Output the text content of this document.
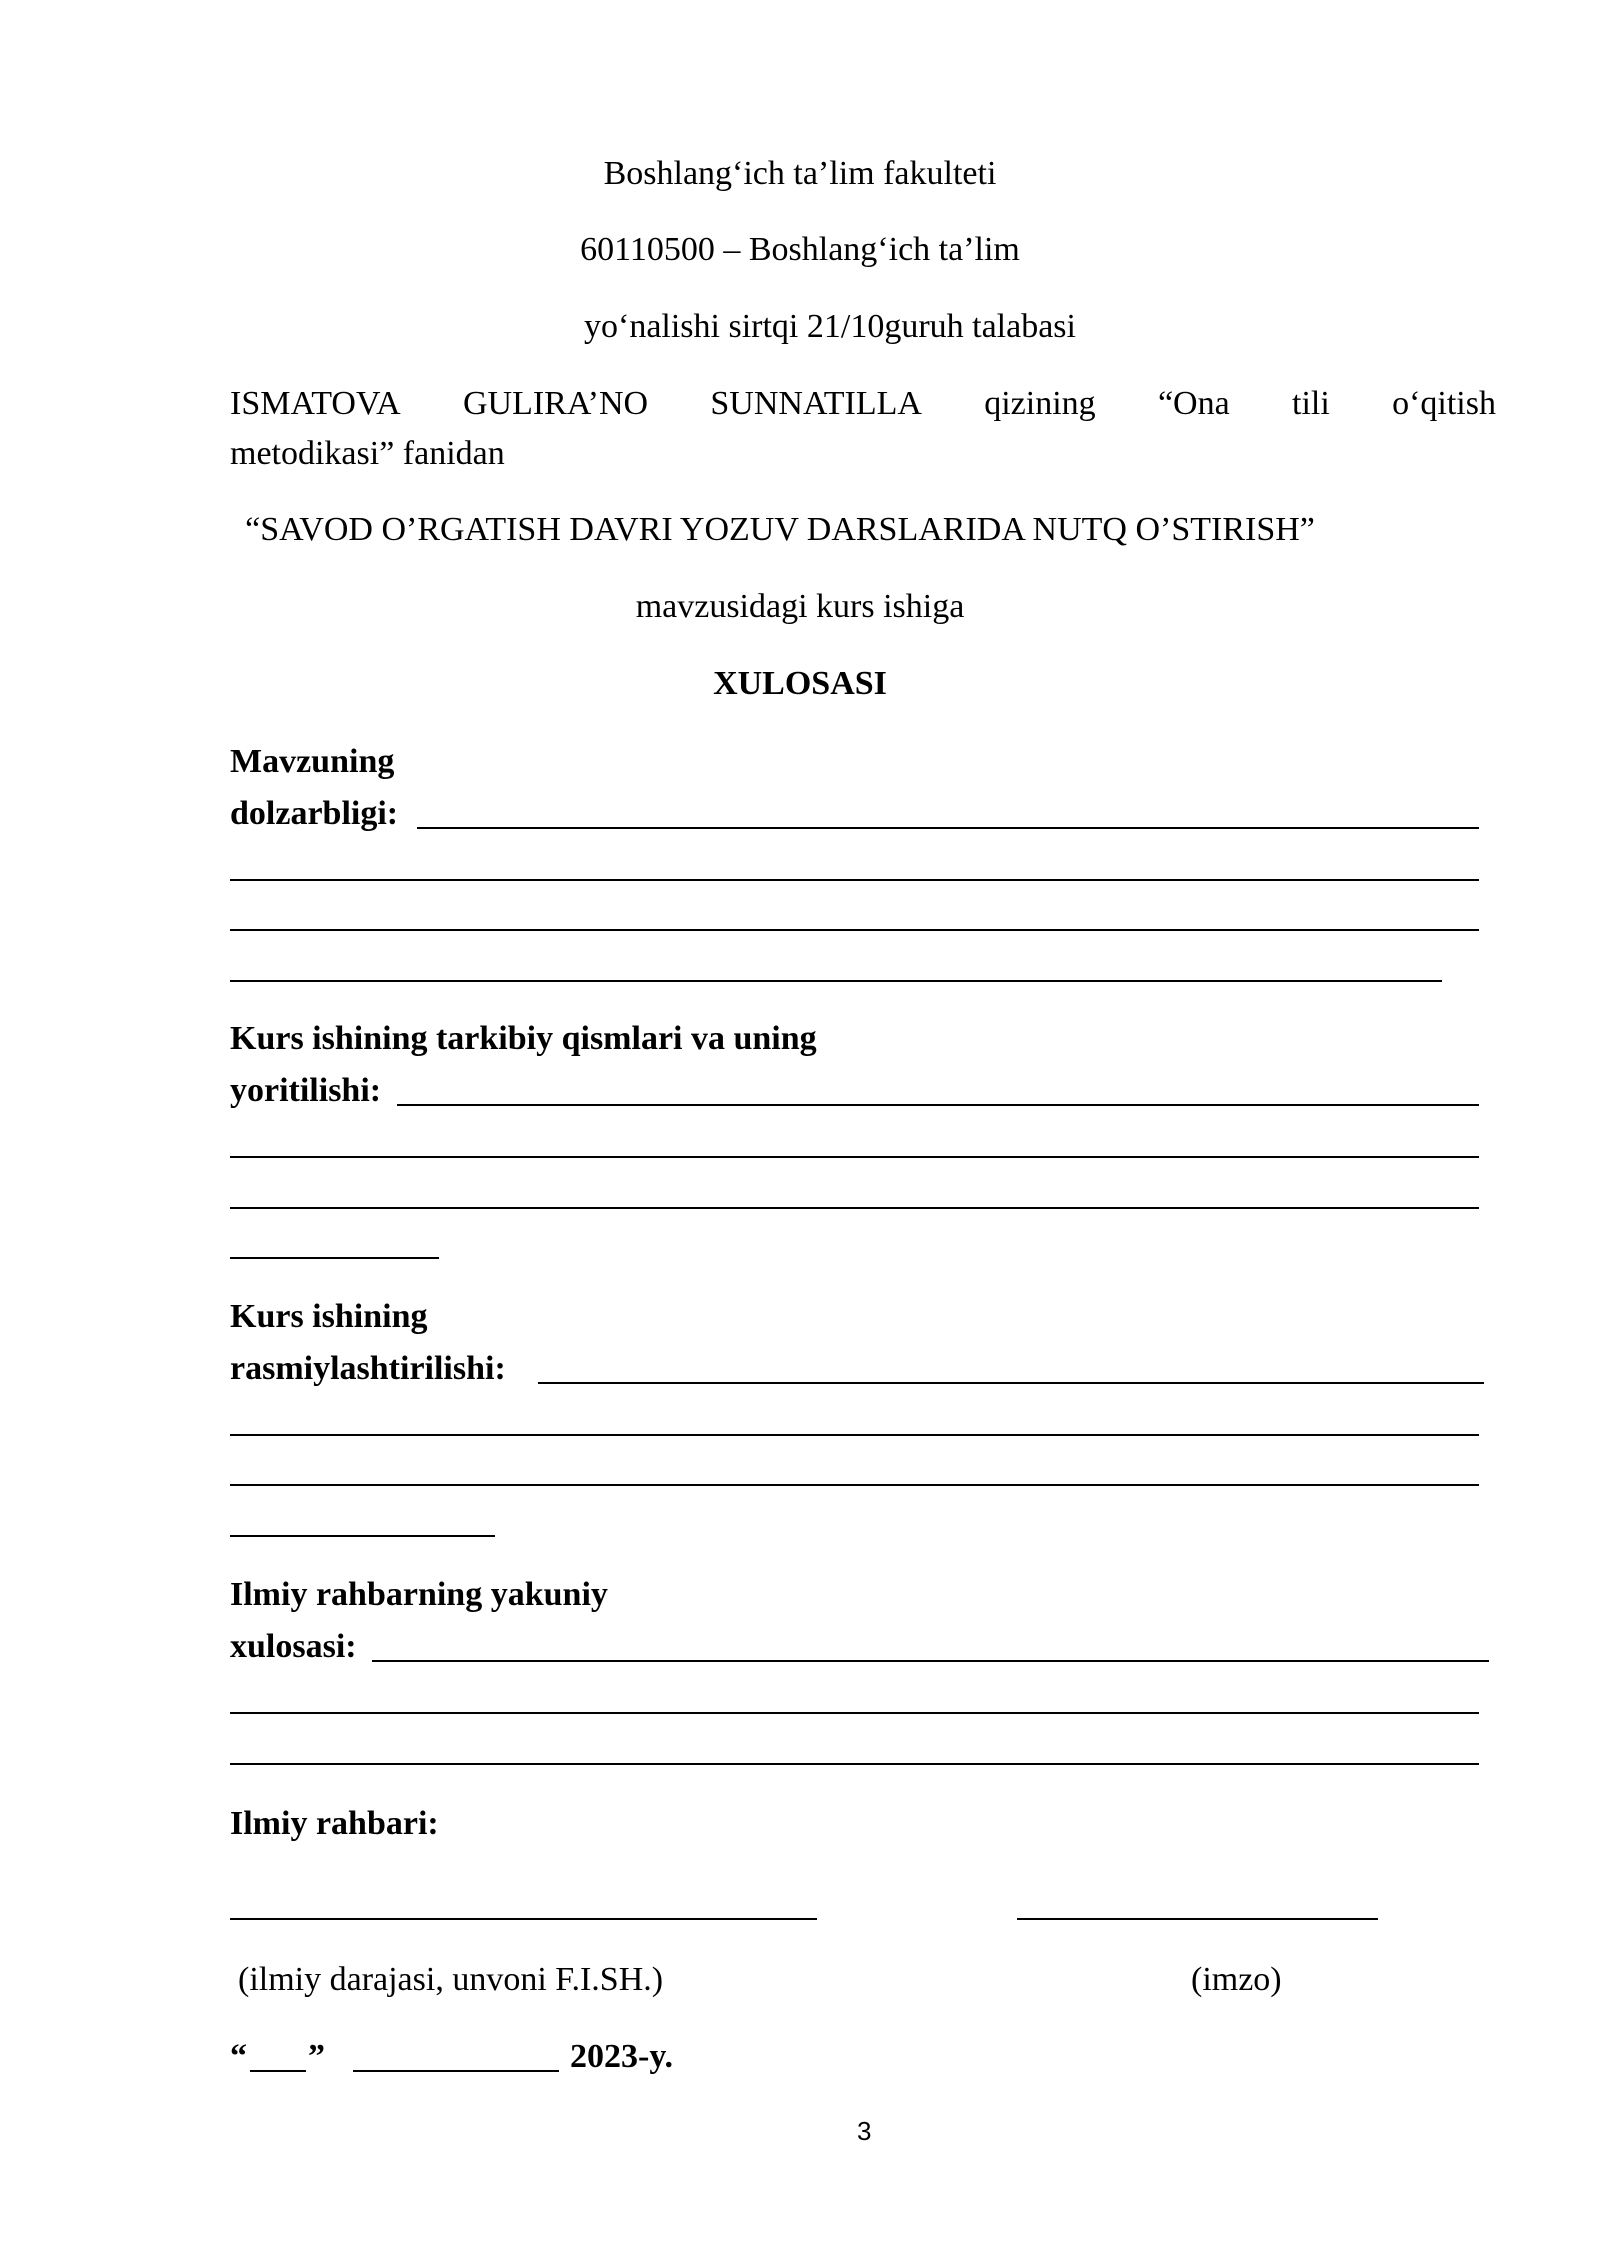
Boshlang‘ich ta’lim fakulteti
60110500 – Boshlang‘ich ta’lim
yo‘nalishi sirtqi 21/10guruh talabasi
ISMATOVA GULIRA’NO SUNNATILLA qizining “Ona tili o‘qitish
metodikasi” fanidan
“SAVOD O’RGATISH DAVRI YOZUV DARSLARIDA NUTQ O’STIRISH”
mavzusidagi kurs ishiga
XULOSASI
Mavzuning
dolzarbligi:
Kurs ishining tarkibiy qismlari va uning
yoritilishi:
Kurs ishining
rasmiylashtirilishi:
Ilmiy rahbarning yakuniy
xulosasi:
Ilmiy rahbari:
(ilmiy darajasi, unvoni F.I.SH.)	(imzo)
“ ”	2023-y.
3
